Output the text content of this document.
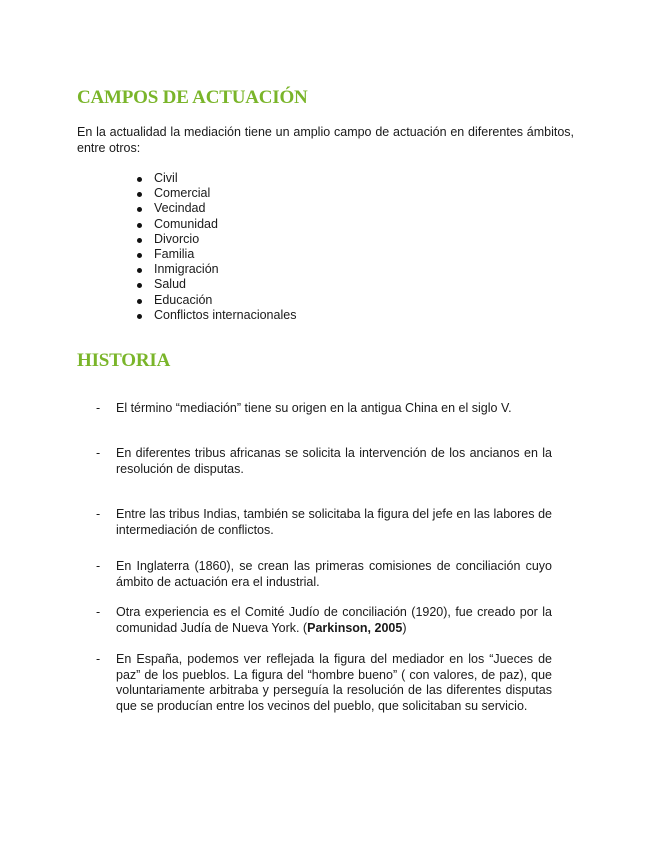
CAMPOS DE ACTUACIÓN

En la actualidad la mediación tiene un amplio campo de actuación en diferentes ámbitos, entre otros:

Civil
Comercial
Vecindad
Comunidad
Divorcio
Familia
Inmigración
Salud
Educación
Conflictos internacionales
HISTORIA
- El término “mediación” tiene su origen en la antigua China en el siglo V.
- En diferentes tribus africanas se solicita la intervención de los ancianos en la resolución de disputas.
- Entre las tribus Indias, también se solicitaba la figura del jefe en las labores de intermediación de conflictos.
- En Inglaterra (1860), se crean las primeras comisiones de conciliación cuyo ámbito de actuación era el industrial.
- Otra experiencia es el Comité Judío de conciliación (1920), fue creado por la comunidad Judía de Nueva York. (Parkinson, 2005)
- En España, podemos ver reflejada la figura del mediador en los “Jueces de paz” de los pueblos. La figura del “hombre bueno” ( con valores, de paz), que voluntariamente arbitraba y perseguía la resolución de las diferentes disputas que se producían entre los vecinos del pueblo, que solicitaban su servicio.
